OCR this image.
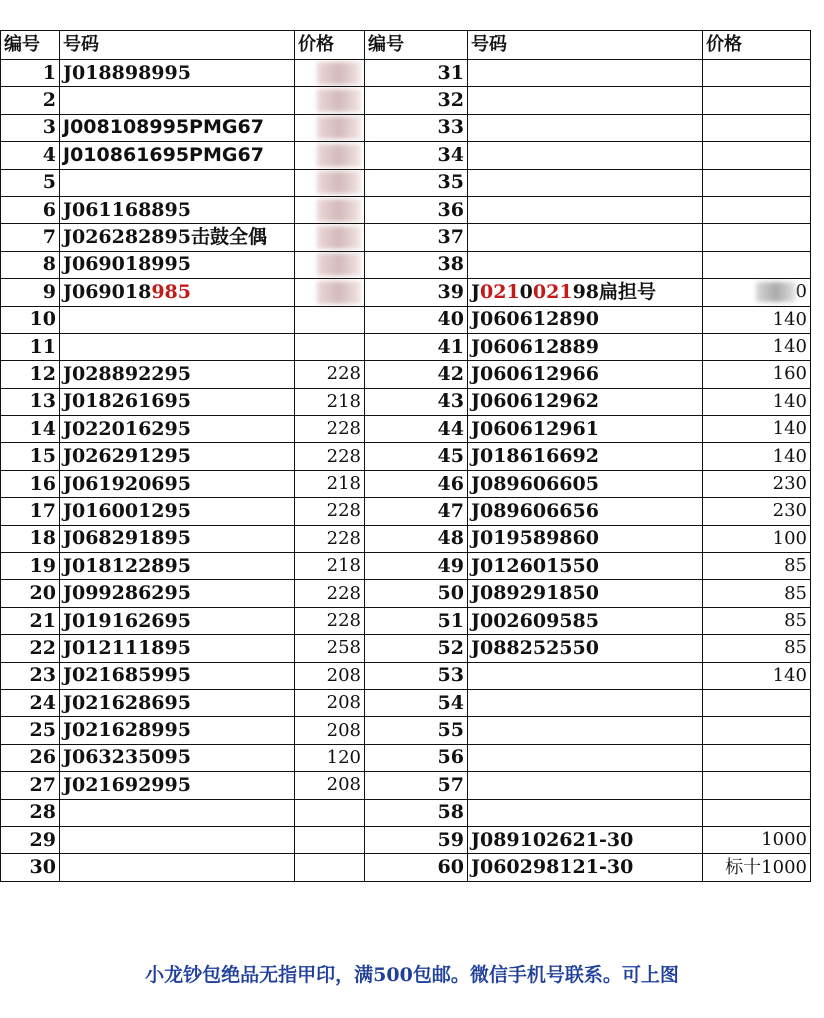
编号	号码	价格	编号	号码	价格
1	J018898995		31		
2			32		
3	J008108995PMG67		33		
4	J010861695PMG67		34		
5			35		
6	J061168895		36		
7	J026282895击鼓全偶		37		
8	J069018995		38		
9	J069018985		39	J021002198扁担号	0
10			40	J060612890	140
11			41	J060612889	140
12	J028892295	228	42	J060612966	160
13	J018261695	218	43	J060612962	140
14	J022016295	228	44	J060612961	140
15	J026291295	228	45	J018616692	140
16	J061920695	218	46	J089606605	230
17	J016001295	228	47	J089606656	230
18	J068291895	228	48	J019589860	100
19	J018122895	218	49	J012601550	85
20	J099286295	228	50	J089291850	85
21	J019162695	228	51	J002609585	85
22	J012111895	258	52	J088252550	85
23	J021685995	208	53		140
24	J021628695	208	54		
25	J021628995	208	55		
26	J063235095	120	56		
27	J021692995	208	57		
28			58		
29			59	J089102621-30	1000
30			60	J060298121-30	标十1000
小龙钞包绝品无指甲印，满500包邮。微信手机号联系。可上图
